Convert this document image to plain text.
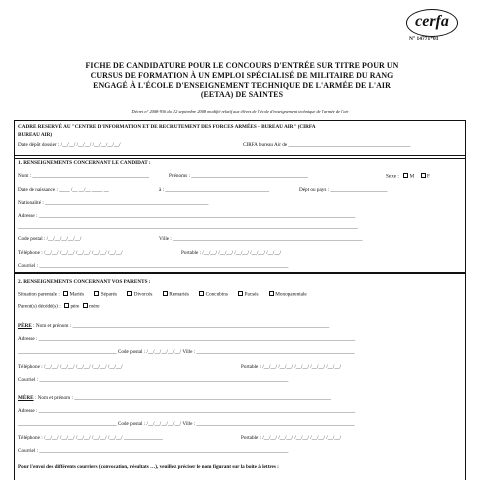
cerfa
N° 14771*01
FICHE DE CANDIDATURE POUR LE CONCOURS D'ENTRÉE SUR TITRE POUR UN
CURSUS DE FORMATION À UN EMPLOI SPÉCIALISÉ DE MILITAIRE DU RANG
ENGAGÉ À L'ÉCOLE D'ENSEIGNEMENT TECHNIQUE DE L'ARMÉE DE L'AIR
(EETAA) DE SAINTES
Décret n° 2008-936 du 12 septembre 2008 modifié relatif aux élèves de l'école d'enseignement technique de l'armée de l'air
CADRE RESERVÉ AU "CENTRE D'INFORMATION ET DE RECRUTEMENT DES FORCES ARMÉES - BUREAU AIR" (CIRFA
BUREAU AIR)
Date dépôt dossier : /__/__/ /__/__/ /__/__/__/__/	CIRFA bureau Air de _______________________________________________
1. RENSEIGNEMENTS CONCERNANT LE CANDIDAT :
Nom : _____________________________________________	Prénoms : _____________________________________________	Sexe : M F
Date de naissance : ____ /__ __/__ ____ __	à : ________________________________________	Dépt ou pays : ______________________
Nationalité : _______________________________________________________________
Adresse : __________________________________________________________________________________________________________________________
___________________________________________________________________________________________________________________________________
Code postal : /__/__/__/__/__/	Ville : _________________________________________________________________________
Téléphone : /__/__/ /__/__/ /__/__/ /__/__/ /__/__/	Portable : /__/__/ /__/__/ /__/__/ /__/__/ /__/__/
Courriel : ________________________________________________________________________________________________
2. RENSEIGNEMENTS CONCERNANT VOS PARENTS :
Situation parentale : Mariés	Séparés	Divorcés	Remariés	Concubins	Pacsés	Monoparentale
Parent(s) décédé(s) : père mère
PÈRE : Nom et prénom : ___________________________________________________________________________________________________
Adresse : __________________________________________________________________________________________________________________________
______________________________________ Code postal : /__/__/__/__/__/ Ville : _____________________________________________________________
Téléphone : /__/__/ /__/__/ /__/__/ /__/__/ /__/__/	Portable : /__/__/ /__/__/ /__/__/ /__/__/ /__/__/
Courriel : ________________________________________________________________________________________________
MÈRE : Nom et prénom : ___________________________________________________________________________________________________
Adresse : __________________________________________________________________________________________________________________________
______________________________________ Code postal : /__/__/__/__/__/ Ville : _____________________________________________________________
Téléphone : /__/__/ /__/__/ /__/__/ /__/__/ /__/__/ _______________	Portable : /__/__/ /__/__/ /__/__/ /__/__/ /__/__/
Courriel : ________________________________________________________________________________________________
Pour l'envoi des différents courriers (convocation, résultats …), veuillez préciser le nom figurant sur la boite à lettres :
